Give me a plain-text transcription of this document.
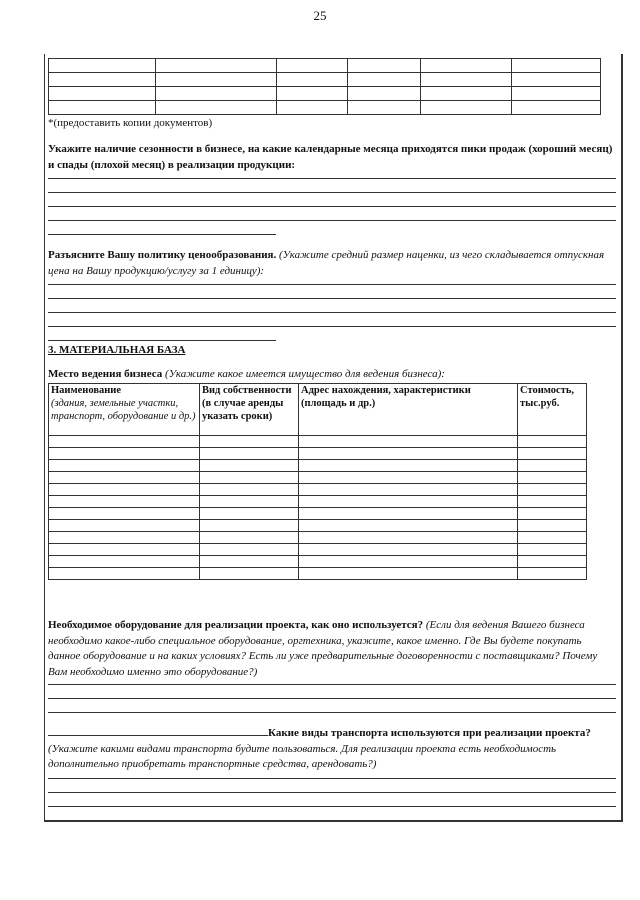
25

*(предоставить копии документов)
Укажите наличие сезонности в бизнесе, на какие календарные месяца приходятся пики продаж (хороший месяц) и спады (плохой месяц) в реализации продукции:
Разъясните Вашу политику ценообразования. (Укажите средний размер наценки, из чего складывается отпускная цена на Вашу продукцию/услугу за 1 единицу):
3. МАТЕРИАЛЬНАЯ БАЗА
Место ведения бизнеса (Укажите какое имеется имущество для ведения бизнеса):
Наименование
(здания, земельные участки, транспорт, оборудование и др.)	Вид собственности (в случае аренды указать сроки)	Адрес нахождения, характеристики (площадь и др.)	Стоимость, тыс.руб.

Необходимое оборудование для реализации проекта, как оно используется? (Если для ведения Вашего бизнеса необходимо какое-либо специальное оборудование, оргтехника, укажите, какое именно. Где Вы будете покупать данное оборудование и на каких условиях? Есть ли уже предварительные договоренности с поставщиками? Почему Вам необходимо именно это оборудование?)
Какие виды транспорта используются при реализации проекта? (Укажите какими видами транспорта будите пользоваться. Для реализации проекта есть необходимость дополнительно приобретать транспортные средства, арендовать?)
